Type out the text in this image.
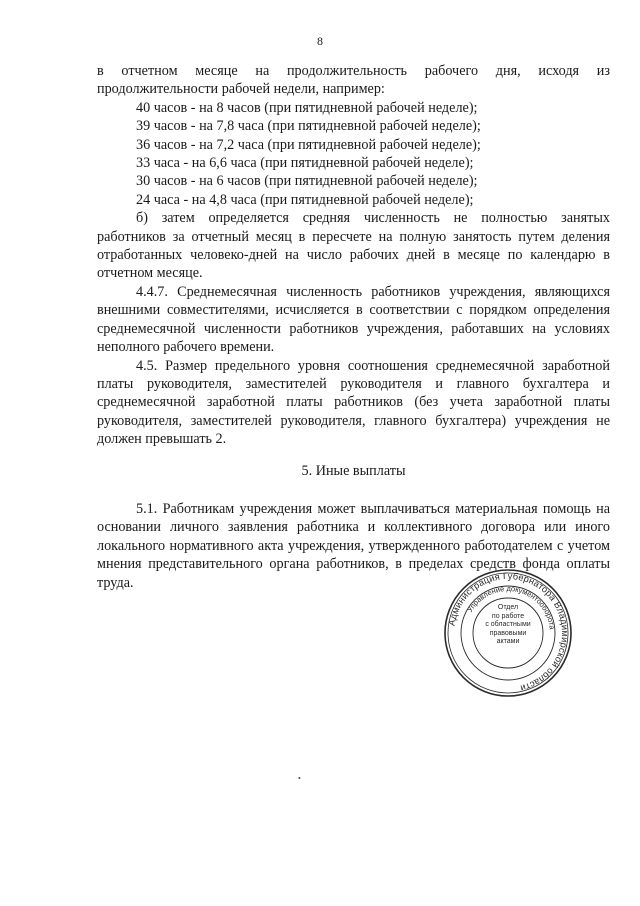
8

в отчетном месяце на продолжительность рабочего дня, исходя из продолжительности рабочей недели, например:

40 часов - на 8 часов (при пятидневной рабочей неделе);

39 часов - на 7,8 часа (при пятидневной рабочей неделе);

36 часов - на 7,2 часа (при пятидневной рабочей неделе);

33 часа - на 6,6 часа (при пятидневной рабочей неделе);

30 часов - на 6 часов (при пятидневной рабочей неделе);

24 часа - на 4,8 часа (при пятидневной рабочей неделе);

б) затем определяется средняя численность не полностью занятых работников за отчетный месяц в пересчете на полную занятость путем деления отработанных человеко-дней на число рабочих дней в месяце по календарю в отчетном месяце.

4.4.7. Среднемесячная численность работников учреждения, являющихся внешними совместителями, исчисляется в соответствии с порядком определения среднемесячной численности работников учреждения, работавших на условиях неполного рабочего времени.

4.5. Размер предельного уровня соотношения среднемесячной заработной платы руководителя, заместителей руководителя и главного бухгалтера и среднемесячной заработной платы работников (без учета заработной платы руководителя, заместителей руководителя, главного бухгалтера) учреждения не должен превышать 2.

5. Иные выплаты

5.1. Работникам учреждения может выплачиваться материальная помощь на основании личного заявления работника и коллективного договора или иного локального нормативного акта учреждения, утвержденного работодателем с учетом мнения представительного органа работников, в пределах средств фонда оплаты труда.

Администрация Губернатора Владимирской области
Управление документооборота
Отдел
по работе
с областными
правовыми
актами
•
